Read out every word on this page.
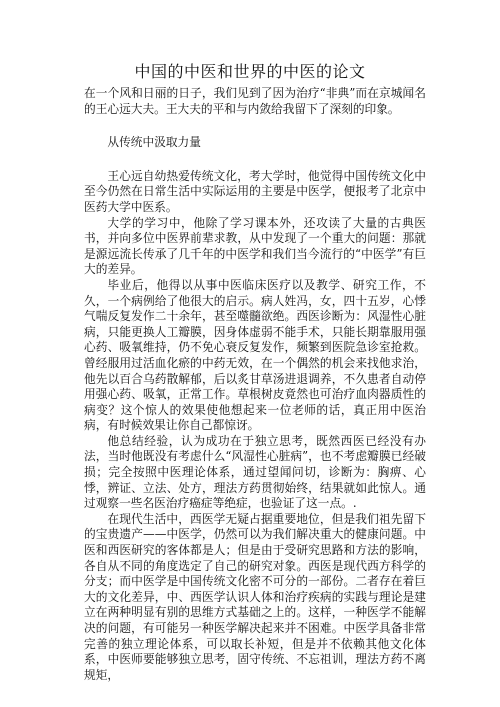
中国的中医和世界的中医的论文

在一个风和日丽的日子，我们见到了因为治疗“非典”而在京城闻名的王心远大夫。王大夫的平和与内敛给我留下了深刻的印象。

从传统中汲取力量

王心远自幼热爱传统文化，考大学时，他觉得中国传统文化中至今仍然在日常生活中实际运用的主要是中医学，便报考了北京中医药大学中医系。

大学的学习中，他除了学习课本外，还攻读了大量的古典医书，并向多位中医界前辈求教，从中发现了一个重大的问题：那就是源远流长传承了几千年的中医学和我们当今流行的“中医学”有巨大的差异。

毕业后，他得以从事中医临床医疗以及教学、研究工作，不久，一个病例给了他很大的启示。病人姓冯，女，四十五岁，心悸气喘反复发作二十余年，甚至噬髓欲绝。西医诊断为：风湿性心脏病，只能更换人工瓣膜，因身体虚弱不能手术，只能长期靠服用强心药、吸氧维持，仍不免心衰反复发作，频繁到医院急诊室抢救。曾经服用过活血化瘀的中药无效，在一个偶然的机会来找他求治，他先以百合乌药散解郁，后以炙甘草汤进退调养，不久患者自动停用强心药、吸氧，正常工作。草根树皮竟然也可治疗血肉器质性的病变？这个惊人的效果使他想起来一位老师的话，真正用中医治病，有时候效果让你自己都惊讶。

他总结经验，认为成功在于独立思考，既然西医已经没有办法，当时他既没有考虑什么“风湿性心脏病”，也不考虑瓣膜已经破损；完全按照中医理论体系，通过望闻问切，诊断为：胸痹、心悸，辨证、立法、处方，理法方药贯彻始终，结果就如此惊人。通过观察一些名医治疗癌症等绝症，也验证了这一点。.

在现代生活中，西医学无疑占据重要地位，但是我们祖先留下的宝贵遗产——中医学，仍然可以为我们解决重大的健康问题。中医和西医研究的客体都是人；但是由于受研究思路和方法的影响，各自从不同的角度选定了自己的研究对象。西医是现代西方科学的分支；而中医学是中国传统文化密不可分的一部份。二者存在着巨大的文化差异，中、西医学认识人体和治疗疾病的实践与理论是建立在两种明显有别的思维方式基础之上的。这样，一种医学不能解决的问题，有可能另一种医学解决起来并不困难。中医学具备非常完善的独立理论体系，可以取长补短，但是并不依赖其他文化体系，中医师要能够独立思考，固守传统、不忘祖训，理法方药不离规矩，
